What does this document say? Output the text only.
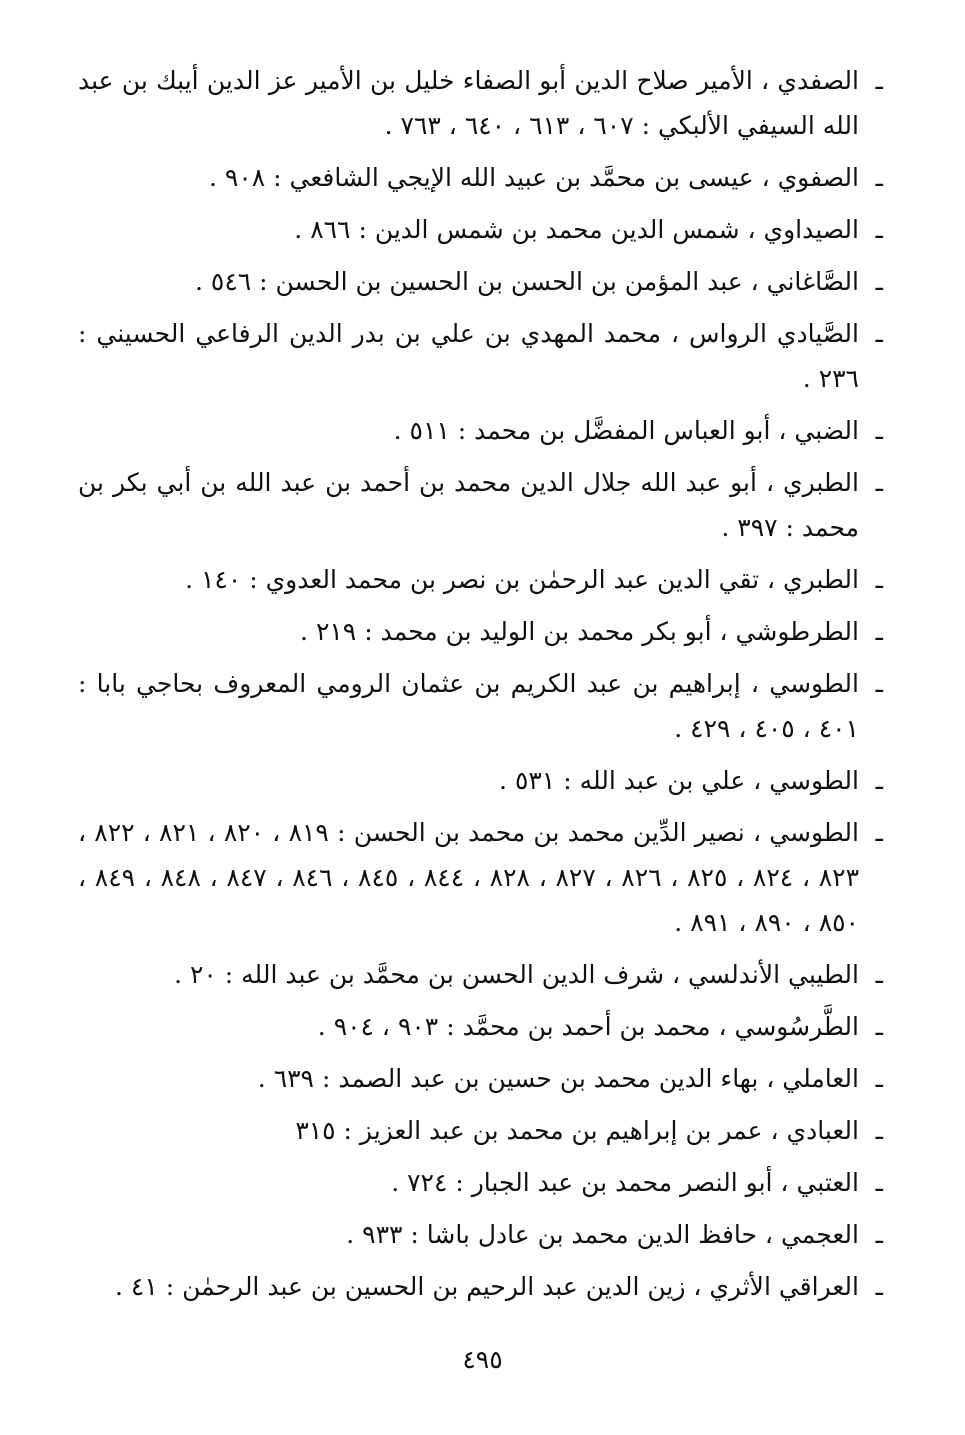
ـ الصفدي ، الأمير صلاح الدين أبو الصفاء خليل بن الأمير عز الدين أيبك بن عبد الله السيفي الألبكي : ٦٠٧ ، ٦١٣ ، ٦٤٠ ، ٧٦٣ .
ـ الصفوي ، عيسى بن محمَّد بن عبيد الله الإيجي الشافعي : ٩٠٨ .
ـ الصيداوي ، شمس الدين محمد بن شمس الدين : ٨٦٦ .
ـ الصَّاغاني ، عبد المؤمن بن الحسن بن الحسين بن الحسن : ٥٤٦ .
ـ الصَّيادي الرواس ، محمد المهدي بن علي بن بدر الدين الرفاعي الحسيني : ٢٣٦ .
ـ الضبي ، أبو العباس المفضَّل بن محمد : ٥١١ .
ـ الطبري ، أبو عبد الله جلال الدين محمد بن أحمد بن عبد الله بن أبي بكر بن محمد : ٣٩٧ .
ـ الطبري ، تقي الدين عبد الرحمٰن بن نصر بن محمد العدوي : ١٤٠ .
ـ الطرطوشي ، أبو بكر محمد بن الوليد بن محمد : ٢١٩ .
ـ الطوسي ، إبراهيم بن عبد الكريم بن عثمان الرومي المعروف بحاجي بابا : ٤٠١ ، ٤٠٥ ، ٤٢٩ .
ـ الطوسي ، علي بن عبد الله : ٥٣١ .
ـ الطوسي ، نصير الدِّين محمد بن محمد بن الحسن : ٨١٩ ، ٨٢٠ ، ٨٢١ ، ٨٢٢ ، ٨٢٣ ، ٨٢٤ ، ٨٢٥ ، ٨٢٦ ، ٨٢٧ ، ٨٢٨ ، ٨٤٤ ، ٨٤٥ ، ٨٤٦ ، ٨٤٧ ، ٨٤٨ ، ٨٤٩ ، ٨٥٠ ، ٨٩٠ ، ٨٩١ .
ـ الطيبي الأندلسي ، شرف الدين الحسن بن محمَّد بن عبد الله : ٢٠ .
ـ الطَّرسُوسي ، محمد بن أحمد بن محمَّد : ٩٠٣ ، ٩٠٤ .
ـ العاملي ، بهاء الدين محمد بن حسين بن عبد الصمد : ٦٣٩ .
ـ العبادي ، عمر بن إبراهيم بن محمد بن عبد العزيز : ٣١٥
ـ العتبي ، أبو النصر محمد بن عبد الجبار : ٧٢٤ .
ـ العجمي ، حافظ الدين محمد بن عادل باشا : ٩٣٣ .
ـ العراقي الأثري ، زين الدين عبد الرحيم بن الحسين بن عبد الرحمٰن : ٤١ .
٤٩٥
